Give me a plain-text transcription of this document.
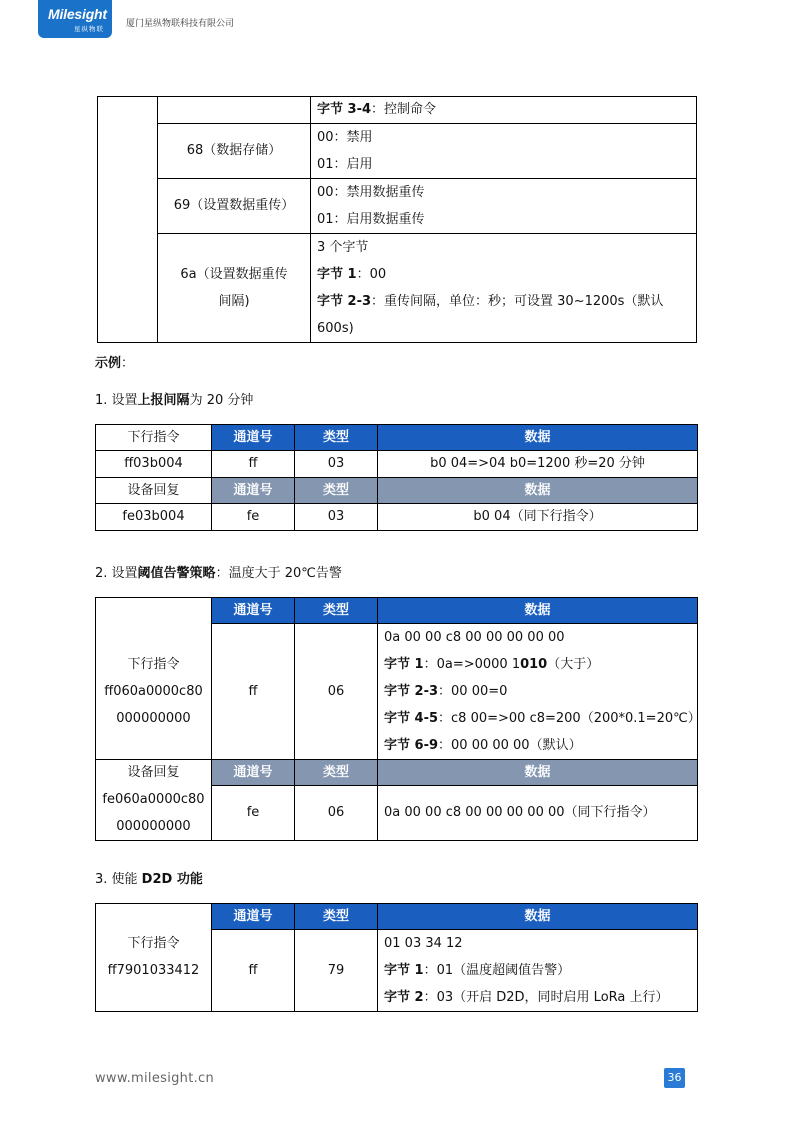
Milesight
星纵物联 厦门星纵物联科技有限公司
		字节 3-4：控制命令
	68（数据存储）	00：禁用
01：启用

	69（设置数据重传）	00：禁用数据重传
01：启用数据重传

	6a（设置数据重传
间隔)	3 个字节
字节 1：00
字节 2-3：重传间隔，单位：秒；可设置 30~1200s（默认
600s)
示例：
1. 设置上报间隔为 20 分钟
下行指令	通道号	类型	数据
ff03b004	ff	03	b0 04=>04 b0=1200 秒=20 分钟
设备回复	通道号	类型	数据
fe03b004	fe	03	b0 04（同下行指令）
2. 设置阈值告警策略：温度大于 20℃告警
	通道号	类型	数据

下行指令
ff060a0000c80
000000000	ff	06	0a 00 00 c8 00 00 00 00 00
字节 1：0a=>0000 1010（大于）
字节 2-3：00 00=0
字节 4-5：c8 00=>00 c8=200（200*0.1=20℃）
字节 6-9：00 00 00 00（默认）

设备回复	通道号	类型	数据

fe060a0000c80
000000000	fe	06	0a 00 00 c8 00 00 00 00 00（同下行指令）
3. 使能 D2D 功能
	通道号	类型	数据

下行指令
ff7901033412	ff	79	01 03 34 12
字节 1：01（温度超阈值告警）
字节 2：03（开启 D2D，同时启用 LoRa 上行）
www.milesight.cn	36
